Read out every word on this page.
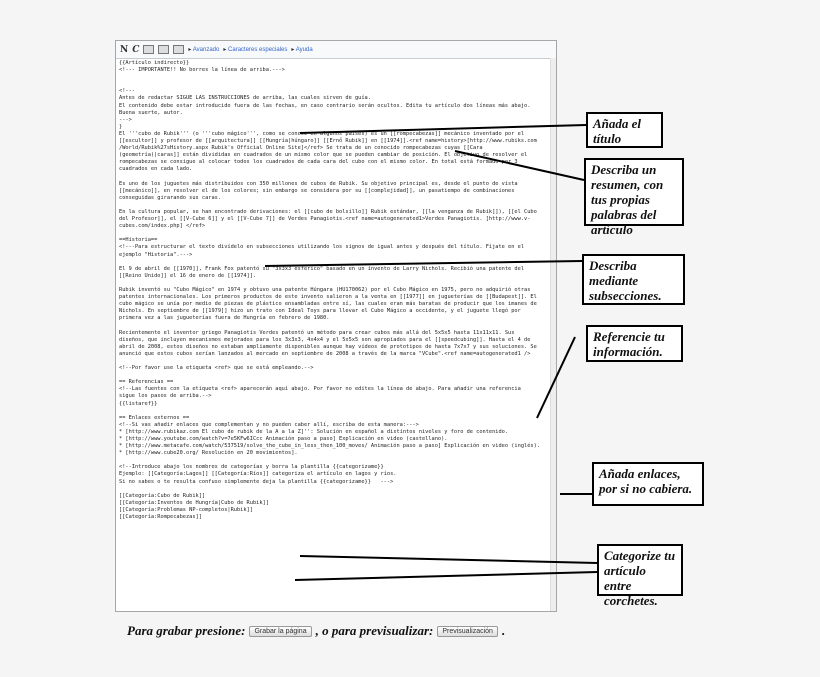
N C	▸ Avanzado	▸ Caracteres especiales	▸ Ayuda
{{Artículo indirecto}}
<!--- IMPORTANTE!! No borres la línea de arriba.--->
<!---
Antes de redactar SIGUE LAS INSTRUCCIONES de arriba, las cuales sirven de guía.
El contenido debe estar introducido fuera de las fechas, en caso contrario serán ocultos. Edita tu artículo dos líneas más abajo.
Buena suerte, autor.
--->
}
El '''cubo de Rubik''' (o '''cubo mágico''', como se conoce en algunos países) es un [[rompecabezas]] mecánico inventado por el
[[escultor]] y profesor de [[arquitectura]] [[Hungría|húngaro]] [[Ernő Rubik]] en [[1974]].<ref name=history>[http://www.rubiks.com
/World/Rubik%27sHistory.aspx Rubik's Official Online Site]</ref> Se trata de un conocido rompecabezas cuyas [[Cara
(geometría)|caras]] están divididas en cuadrados de un mismo color que se pueden cambiar de posición. El objetivo de resolver el
rompecabezas se consigue al colocar todos los cuadrados de cada cara del cubo con el mismo color. En total está formado por 3
cuadrados en cada lado.
Es uno de los juguetes más distribuidos con 350 millones de cubos de Rubik. Su objetivo principal es, desde el punto de vista
[[mecánico]], en resolver el de los colores; sin embargo se considera por su [[complejidad]], un pasatiempo de combinaciones
conseguidas girarando sus caras.
En la cultura popular, se han encontrado derivaciones: el [[cubo de bolsillo]] Rubik estándar, [[la venganza de Rubik]]), [[el Cubo
del Profesor]], el [[V-Cube 6]] y el [[V-Cube 7]] de Verdes Panagiotis.<ref name=autogenerated1>Verdes Panagiotis. [http://www.v-
cubes.com/index.php] </ref>
==Historia==
<!---Para estructurar el texto divídelo en subsecciones utilizando los signos de igual antes y después del título. Fíjate en el
ejemplo "Historia".--->
El 9 de abril de [[1970]], Frank Fox patentó su "3x3x3 esférico" basado en un invento de Larry Nichols. Recibió una patente del
[[Reino Unido]] el 16 de enero de [[1974]].
Rubik inventó su "Cubo Mágico" en 1974 y obtuvo una patente Húngara (HU170062) por el Cubo Mágico en 1975, pero no adquirió otras
patentes internacionales. Los primeros productos de este invento salieron a la venta en [[1977]] en jugueterías de [[Budapest]]. El
cubo mágico se unía por medio de piezas de plástico ensambladas entre sí, las cuales eran más baratas de producir que los imanes de
Nichols. En septiembre de [[1979]] hizo un trato con Ideal Toys para llevar el Cubo Mágico a occidente, y el juguete llegó por
primera vez a las jugueterías fuera de Hungría en febrero de 1980.
Recientemente el inventor griego Panagiotis Verdes patentó un método para crear cubos más allá del 5x5x5 hasta 11x11x11. Sus
diseños, que incluyen mecanismos mejorados para los 3x3x3, 4x4x4 y el 5x5x5 son apropiados para el [[speedcubing]]. Hasta el 4 de
abril de 2008, estos diseños no estaban ampliamente disponibles aunque hay vídeos de prototipos de hasta 7x7x7 y sus soluciones. Se
anunció que estos cubos serían lanzados al mercado en septiembre de 2008 a través de la marca "VCube".<ref name=autogenerated1 />
<!--Por favor use la etiqueta <ref> que se está empleando.-->
== Referencias ==
<!--Las fuentes con la etiqueta <ref> aparecerán aquí abajo. Por favor no edites la línea de abajo. Para añadir una referencia
sigue los pasos de arriba.-->
{{listaref}}
== Enlaces externos ==
<!--Si vas añadir enlaces que complementan y no pueden caber allí, escriba de esta manera:--->
* [http://www.rubikaz.com El cubo de rubik de la A a la Z]'': Solución en español a distintos niveles y foro de contenido.
* [http://www.youtube.com/watch?v=7e5KFw6ICcc Animación paso a paso] Explicación en video (castellano).
* [http://www.metacafe.com/watch/537519/solve_the_cube_in_less_then_100_moves/ Animación paso a paso] Explicación en video (inglés).
* [http://www.cube20.org/ Resolución en 20 movimientos].
<!--Introduce abajo los nombres de categorías y borra la plantilla {{categorizame}}
Ejemplo: [[Categoría:Lagos]] [[Categoría:Ríos]] categoriza el artículo en lagos y ríos.
Si no sabes o te resulta confuso simplemente deja la plantilla {{categorizame}}   --->
[[Categoría:Cubo de Rubik]]
[[Categoría:Inventos de Hungría|Cubo de Rubik]]
[[Categoría:Problemas NP-completos|Rubik]]
[[Categoría:Rompecabezas]]
Añada el título
Describa un resumen, con tus propias palabras del artículo
Describa mediante subsecciones.
Referencie tu información.
Añada enlaces, por si no cabiera.
Categorize tu artículo entre corchetes.
Para grabar presione:	Grabar la página , o para previsualizar:	Previsualización .
